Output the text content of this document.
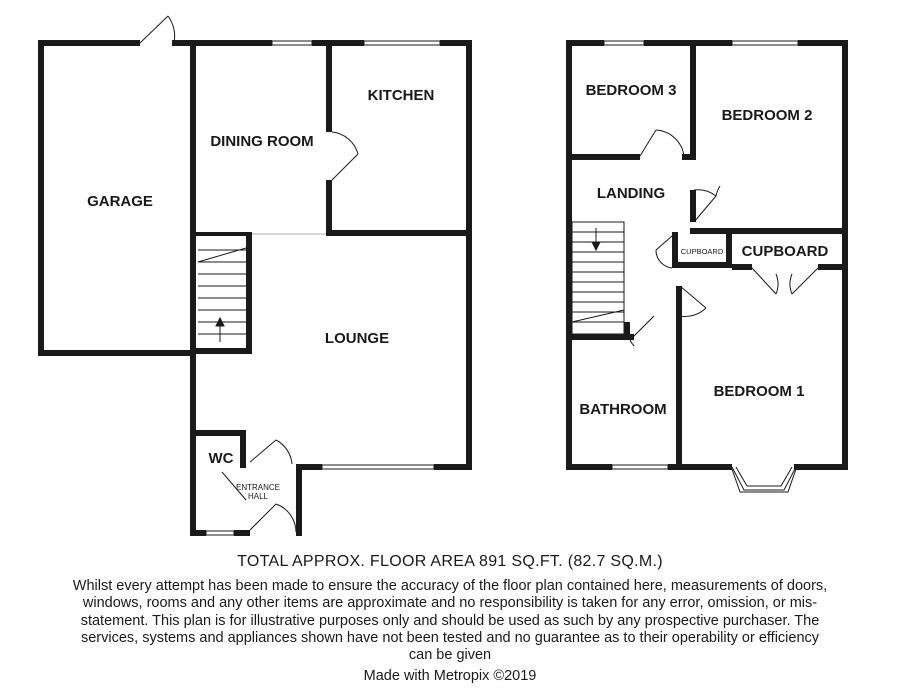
GARAGE
DINING ROOM
KITCHEN
LOUNGE
WC
ENTRANCE
HALL
BEDROOM 3
BEDROOM 2
LANDING
CUPBOARD CUPBOARD
BATHROOM
BEDROOM 1
TOTAL APPROX. FLOOR AREA 891 SQ.FT. (82.7 SQ.M.)
Whilst every attempt has been made to ensure the accuracy of the floor plan contained here, measurements of doors, windows, rooms and any other items are approximate and no responsibility is taken for any error, omission, or mis-statement. This plan is for illustrative purposes only and should be used as such by any prospective purchaser. The services, systems and appliances shown have not been tested and no guarantee as to their operability or efficiency can be given
Made with Metropix ©2019
